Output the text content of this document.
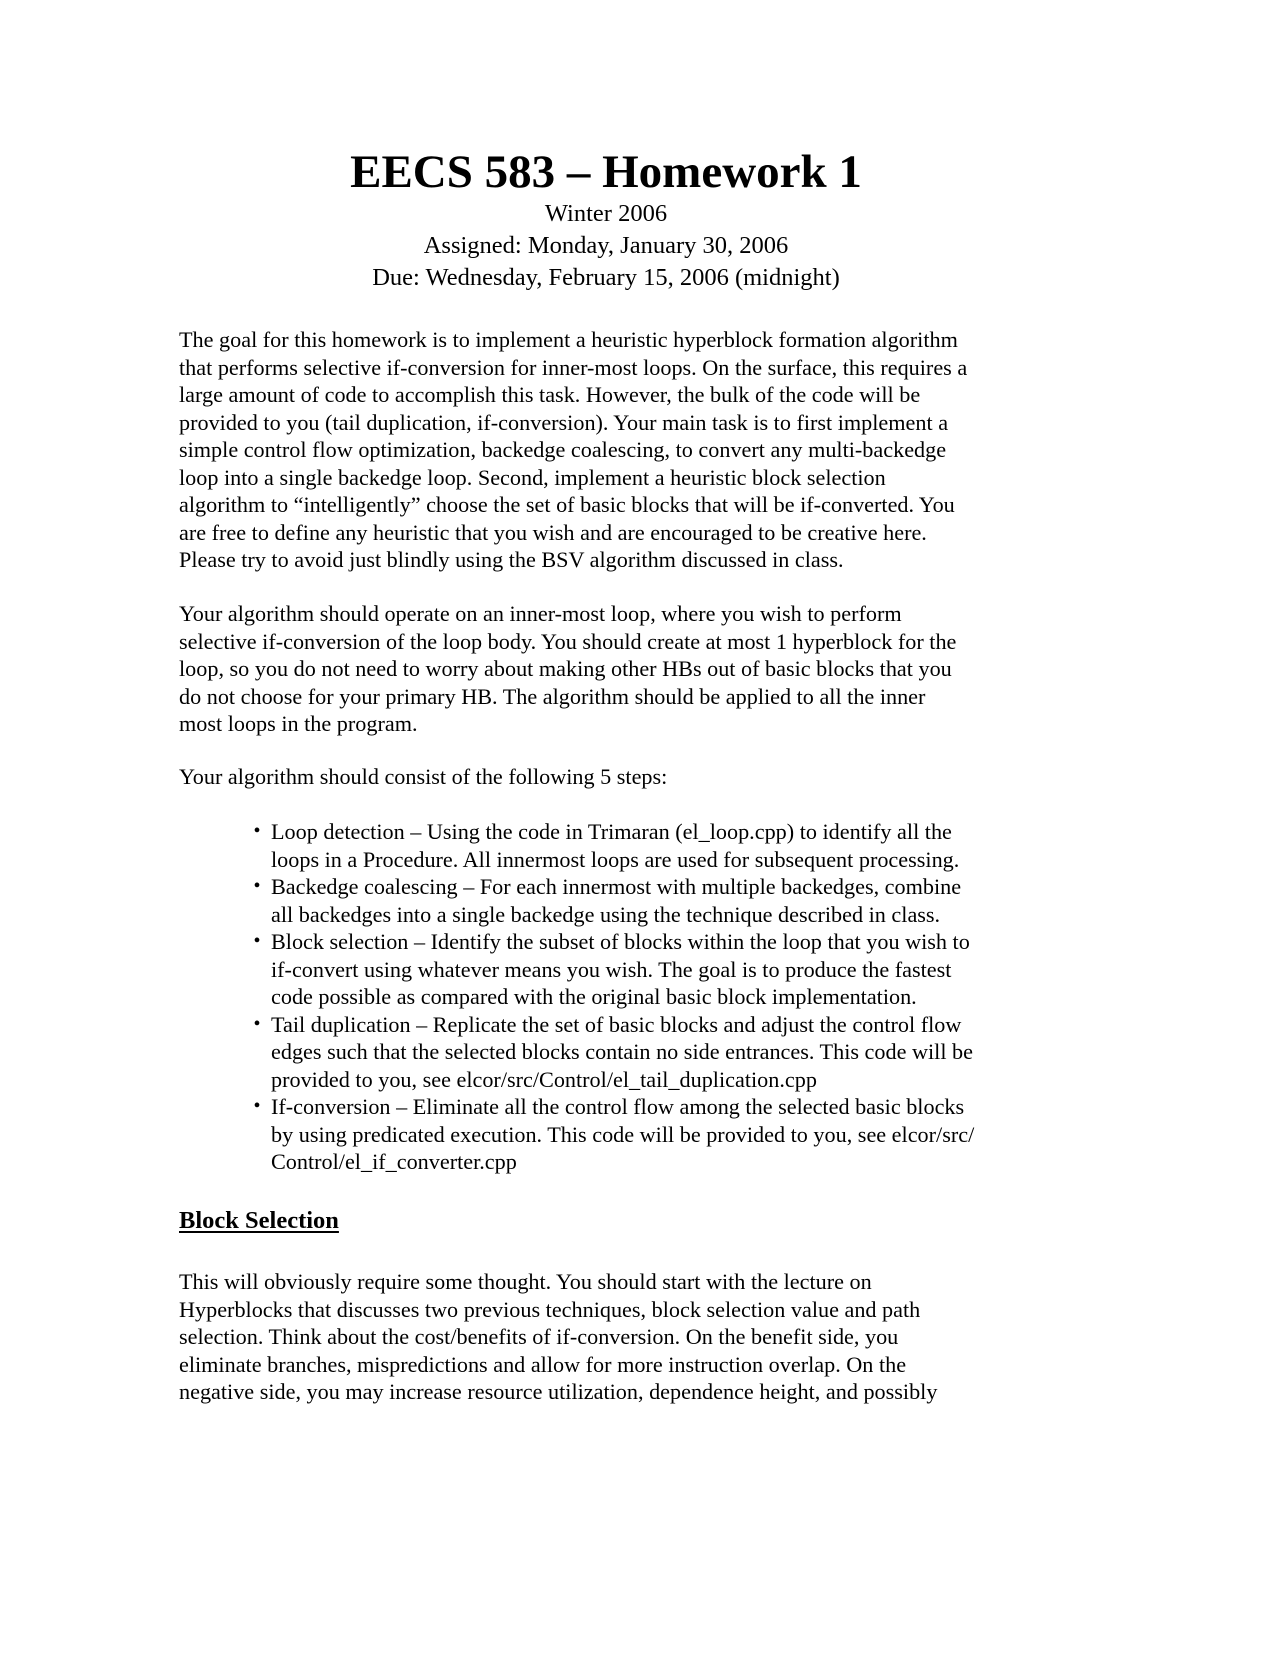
EECS 583 – Homework 1
Winter 2006
Assigned: Monday, January 30, 2006
Due: Wednesday, February 15, 2006 (midnight)
The goal for this homework is to implement a heuristic hyperblock formation algorithm
that performs selective if-conversion for inner-most loops. On the surface, this requires a
large amount of code to accomplish this task. However, the bulk of the code will be
provided to you (tail duplication, if-conversion). Your main task is to first implement a
simple control flow optimization, backedge coalescing, to convert any multi-backedge
loop into a single backedge loop. Second, implement a heuristic block selection
algorithm to “intelligently” choose the set of basic blocks that will be if-converted. You
are free to define any heuristic that you wish and are encouraged to be creative here.
Please try to avoid just blindly using the BSV algorithm discussed in class.
Your algorithm should operate on an inner-most loop, where you wish to perform
selective if-conversion of the loop body. You should create at most 1 hyperblock for the
loop, so you do not need to worry about making other HBs out of basic blocks that you
do not choose for your primary HB. The algorithm should be applied to all the inner
most loops in the program.
Your algorithm should consist of the following 5 steps:
• Loop detection – Using the code in Trimaran (el_loop.cpp) to identify all the
loops in a Procedure. All innermost loops are used for subsequent processing.
• Backedge coalescing – For each innermost with multiple backedges, combine
all backedges into a single backedge using the technique described in class.
• Block selection – Identify the subset of blocks within the loop that you wish to
if-convert using whatever means you wish. The goal is to produce the fastest
code possible as compared with the original basic block implementation.
• Tail duplication – Replicate the set of basic blocks and adjust the control flow
edges such that the selected blocks contain no side entrances. This code will be
provided to you, see elcor/src/Control/el_tail_duplication.cpp
• If-conversion – Eliminate all the control flow among the selected basic blocks
by using predicated execution. This code will be provided to you, see elcor/src/
Control/el_if_converter.cpp
Block Selection
This will obviously require some thought. You should start with the lecture on
Hyperblocks that discusses two previous techniques, block selection value and path
selection. Think about the cost/benefits of if-conversion. On the benefit side, you
eliminate branches, mispredictions and allow for more instruction overlap. On the
negative side, you may increase resource utilization, dependence height, and possibly
